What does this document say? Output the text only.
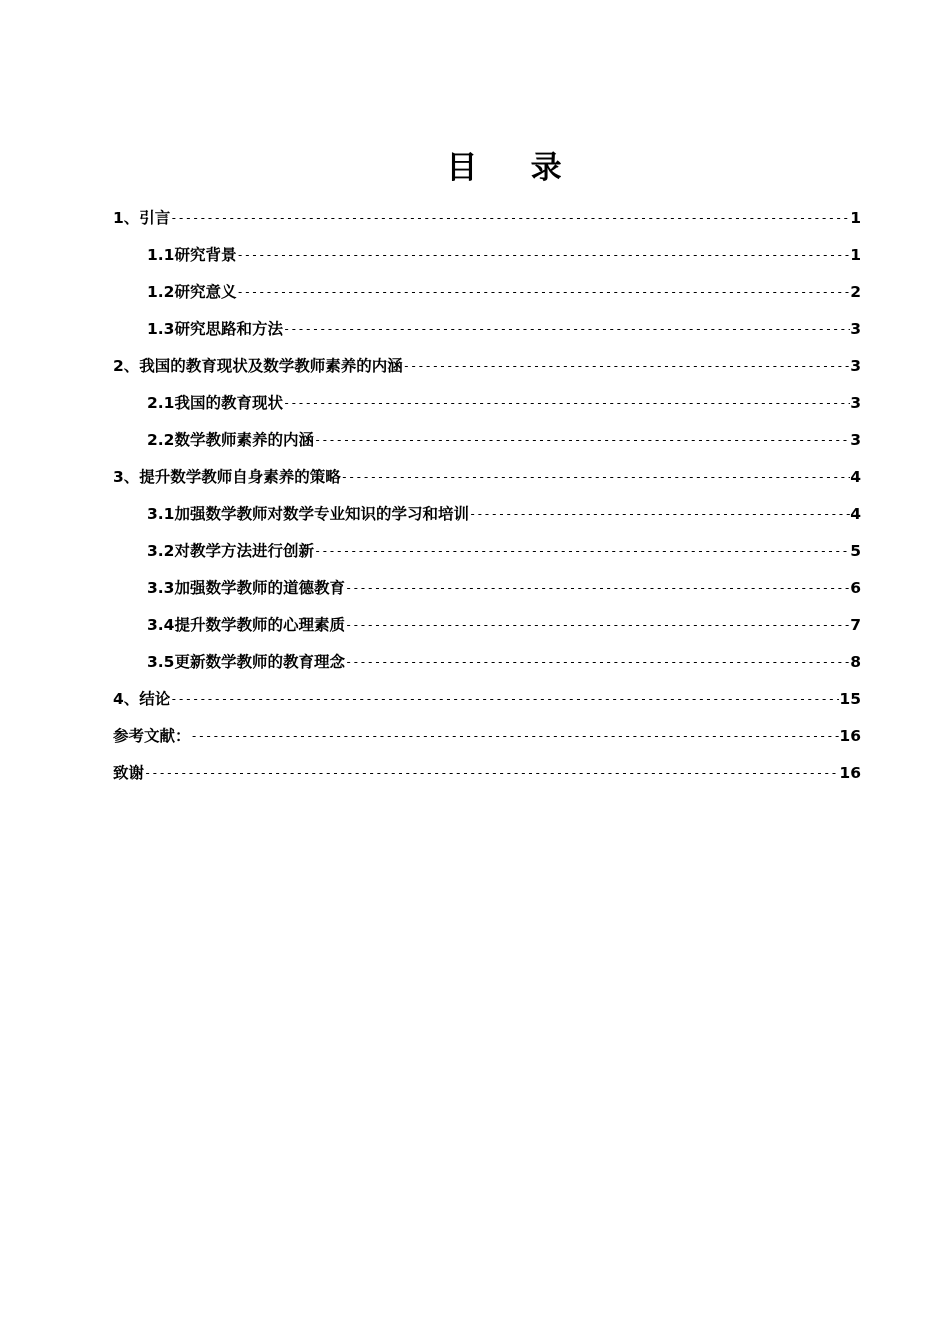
目    录
1、引言 -----	1
1.1研究背景 -----	1
1.2研究意义 -----	2
1.3研究思路和方法 -----	3
2、我国的教育现状及数学教师素养的内涵 -----	3
2.1我国的教育现状 -----	3
2.2数学教师素养的内涵 -----	3
3、提升数学教师自身素养的策略 -----	4
3.1加强数学教师对数学专业知识的学习和培训 -----	4
3.2对教学方法进行创新 -----	5
3.3加强数学教师的道德教育 -----	6
3.4提升数学教师的心理素质 -----	7
3.5更新数学教师的教育理念 -----	8
4、结论 -----	15
参考文献： -----	16
致谢 -----	16
